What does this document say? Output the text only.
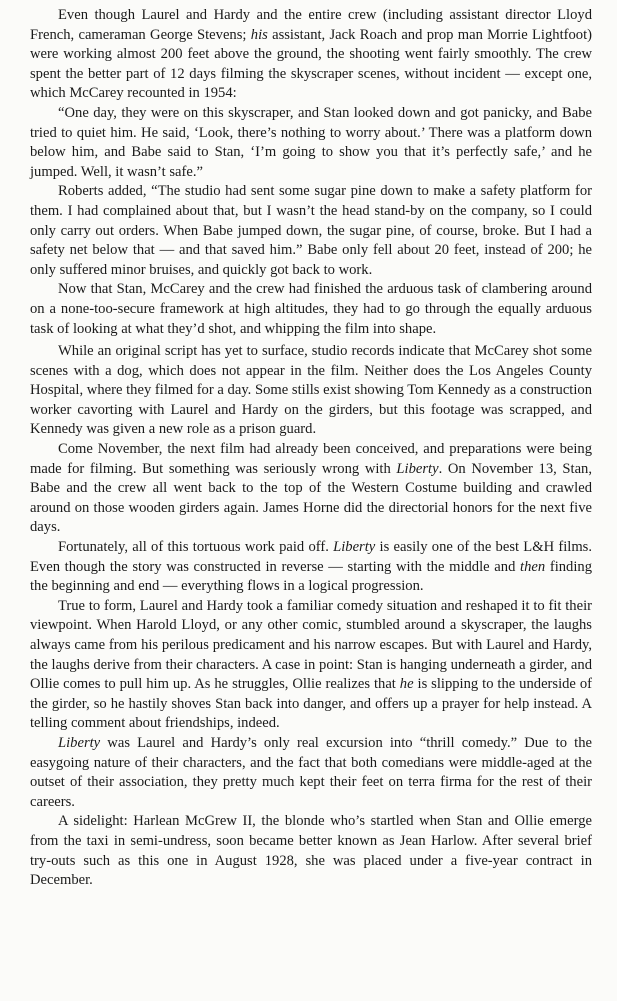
Even though Laurel and Hardy and the entire crew (including assistant director Lloyd French, cameraman George Stevens; his assistant, Jack Roach and prop man Morrie Lightfoot) were working almost 200 feet above the ground, the shooting went fairly smoothly. The crew spent the better part of 12 days filming the skyscraper scenes, without incident — except one, which McCarey recounted in 1954:

“One day, they were on this skyscraper, and Stan looked down and got panicky, and Babe tried to quiet him. He said, ‘Look, there’s nothing to worry about.’ There was a platform down below him, and Babe said to Stan, ‘I’m going to show you that it’s perfectly safe,’ and he jumped. Well, it wasn’t safe.”

Roberts added, “The studio had sent some sugar pine down to make a safety platform for them. I had complained about that, but I wasn’t the head stand-by on the company, so I could only carry out orders. When Babe jumped down, the sugar pine, of course, broke. But I had a safety net below that — and that saved him.” Babe only fell about 20 feet, instead of 200; he only suffered minor bruises, and quickly got back to work.

Now that Stan, McCarey and the crew had finished the arduous task of clambering around on a none-too-secure framework at high altitudes, they had to go through the equally arduous task of looking at what they’d shot, and whipping the film into shape.

While an original script has yet to surface, studio records indicate that McCarey shot some scenes with a dog, which does not appear in the film. Neither does the Los Angeles County Hospital, where they filmed for a day. Some stills exist showing Tom Kennedy as a construction worker cavorting with Laurel and Hardy on the girders, but this footage was scrapped, and Kennedy was given a new role as a prison guard.

Come November, the next film had already been conceived, and preparations were being made for filming. But something was seriously wrong with Liberty. On November 13, Stan, Babe and the crew all went back to the top of the Western Costume building and crawled around on those wooden girders again. James Horne did the directorial honors for the next five days.

Fortunately, all of this tortuous work paid off. Liberty is easily one of the best L&H films. Even though the story was constructed in reverse — starting with the middle and then finding the beginning and end — everything flows in a logical progression.

True to form, Laurel and Hardy took a familiar comedy situation and reshaped it to fit their viewpoint. When Harold Lloyd, or any other comic, stumbled around a skyscraper, the laughs always came from his perilous predicament and his narrow escapes. But with Laurel and Hardy, the laughs derive from their characters. A case in point: Stan is hanging underneath a girder, and Ollie comes to pull him up. As he struggles, Ollie realizes that he is slipping to the underside of the girder, so he hastily shoves Stan back into danger, and offers up a prayer for help instead. A telling comment about friendships, indeed.

Liberty was Laurel and Hardy’s only real excursion into “thrill comedy.” Due to the easygoing nature of their characters, and the fact that both comedians were middle-aged at the outset of their association, they pretty much kept their feet on terra firma for the rest of their careers.

A sidelight: Harlean McGrew II, the blonde who’s startled when Stan and Ollie emerge from the taxi in semi-undress, soon became better known as Jean Harlow. After several brief try-outs such as this one in August 1928, she was placed under a five-year contract in December.
